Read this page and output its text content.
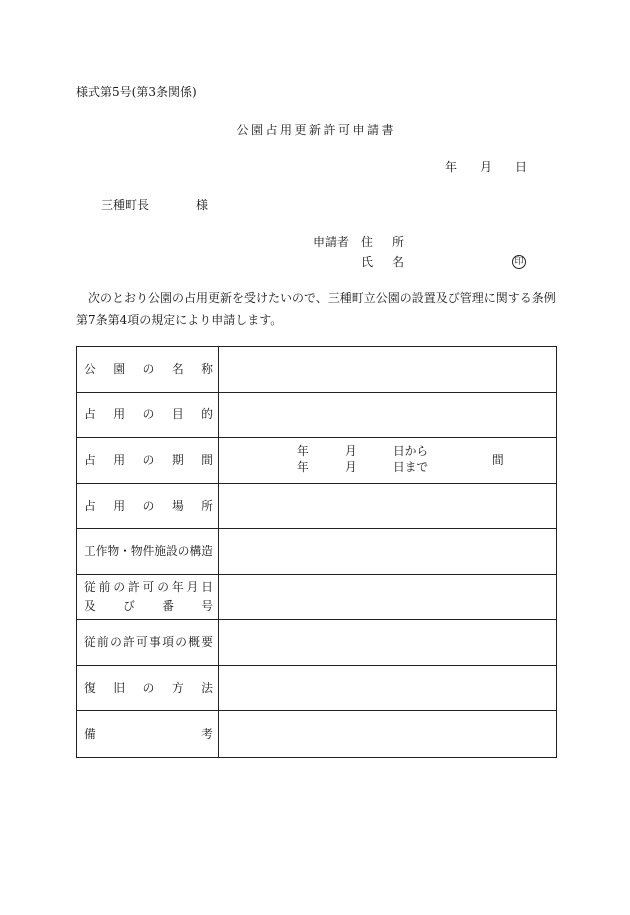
様式第5号(第3条関係)
公園占用更新許可申請書
年 月 日
三種町長	様
申請者 住 所
氏 名	印
次のとおり公園の占用更新を受けたいので、三種町立公園の設置及び管理に関する条例
第7条第4項の規定により申請します。
公 園 の 名 称
占 用 の 目 的
占 用 の 期 間
年	月	日から
年	月	日まで	間
占 用 の 場 所
工 作 物 ・ 物 件 施 設 の 構 造
従 前 の 許 可 の 年 月 日
及 び 番 号
従 前 の 許 可 事 項 の 概 要
復 旧 の 方 法
備	考
